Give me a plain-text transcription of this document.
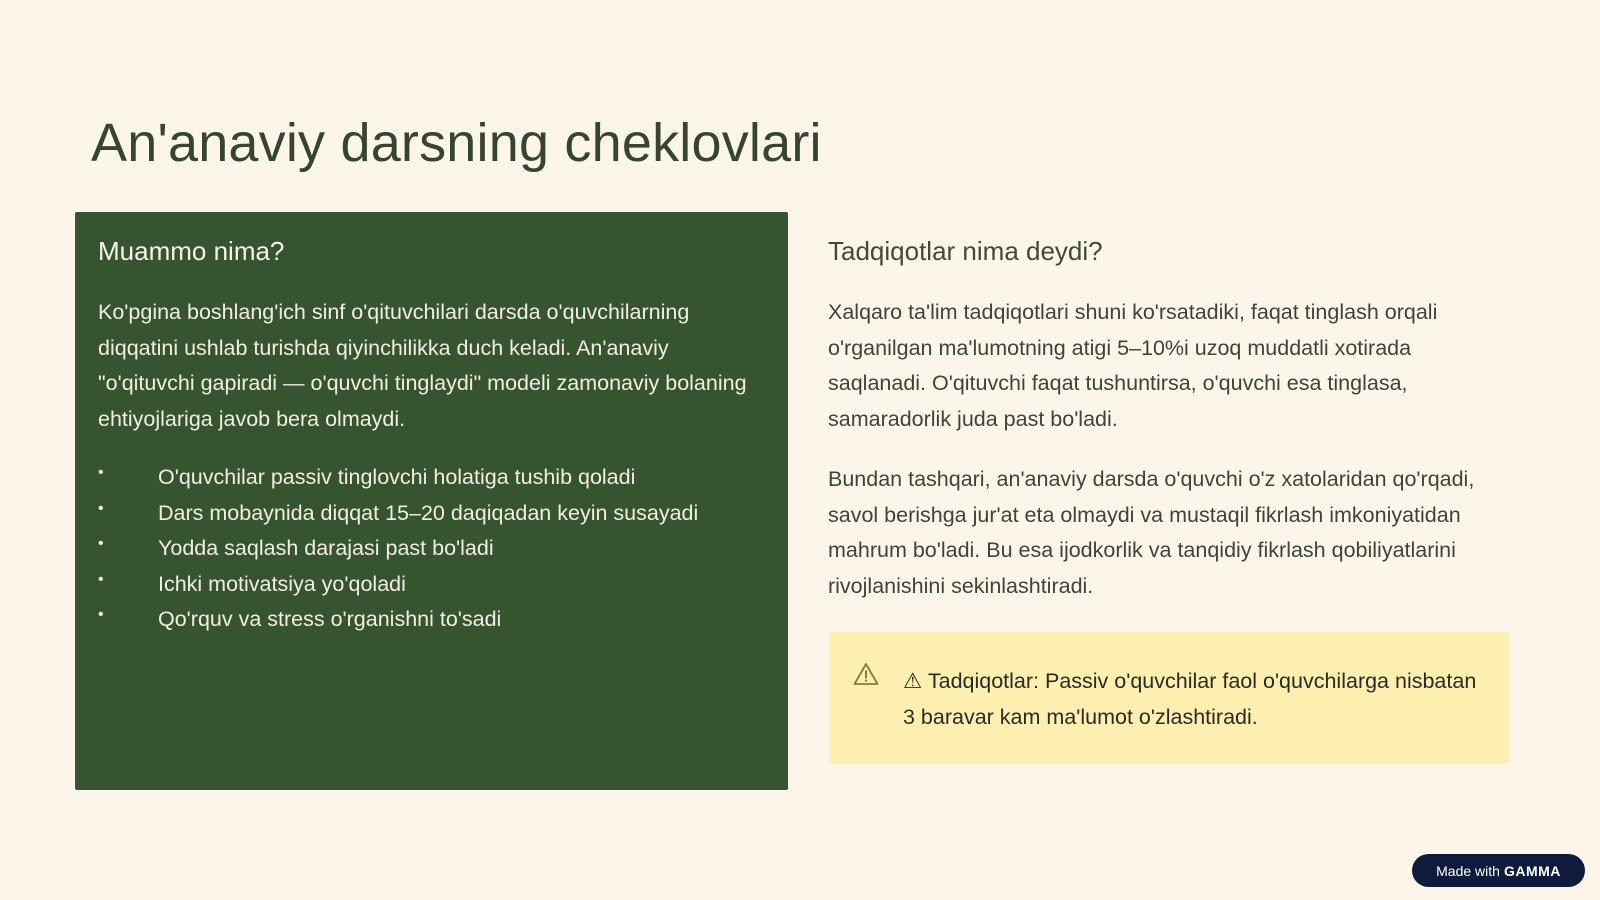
An'anaviy darsning cheklovlari
Muammo nima?

Ko'pgina boshlang'ich sinf o'qituvchilari darsda o'quvchilarning diqqatini ushlab turishda qiyinchilikka duch keladi. An'anaviy "o'qituvchi gapiradi — o'quvchi tinglaydi" modeli zamonaviy bolaning ehtiyojlariga javob bera olmaydi.

•	O'quvchilar passiv tinglovchi holatiga tushib qoladi
•	Dars mobaynida diqqat 15–20 daqiqadan keyin susayadi
•	Yodda saqlash darajasi past bo'ladi
•	Ichki motivatsiya yo'qoladi
•	Qo'rquv va stress o'rganishni to'sadi
Tadqiqotlar nima deydi?

Xalqaro ta'lim tadqiqotlari shuni ko'rsatadiki, faqat tinglash orqali o'rganilgan ma'lumotning atigi 5–10%i uzoq muddatli xotirada saqlanadi. O'qituvchi faqat tushuntirsa, o'quvchi esa tinglasa, samaradorlik juda past bo'ladi.

Bundan tashqari, an'anaviy darsda o'quvchi o'z xatolaridan qo'rqadi, savol berishga jur'at eta olmaydi va mustaqil fikrlash imkoniyatidan mahrum bo'ladi. Bu esa ijodkorlik va tanqidiy fikrlash qobiliyatlarini rivojlanishini sekinlashtiradi.

⚠ Tadqiqotlar: Passiv o'quvchilar faol o'quvchilarga nisbatan 3 baravar kam ma'lumot o'zlashtiradi.

Made with GAMMA
